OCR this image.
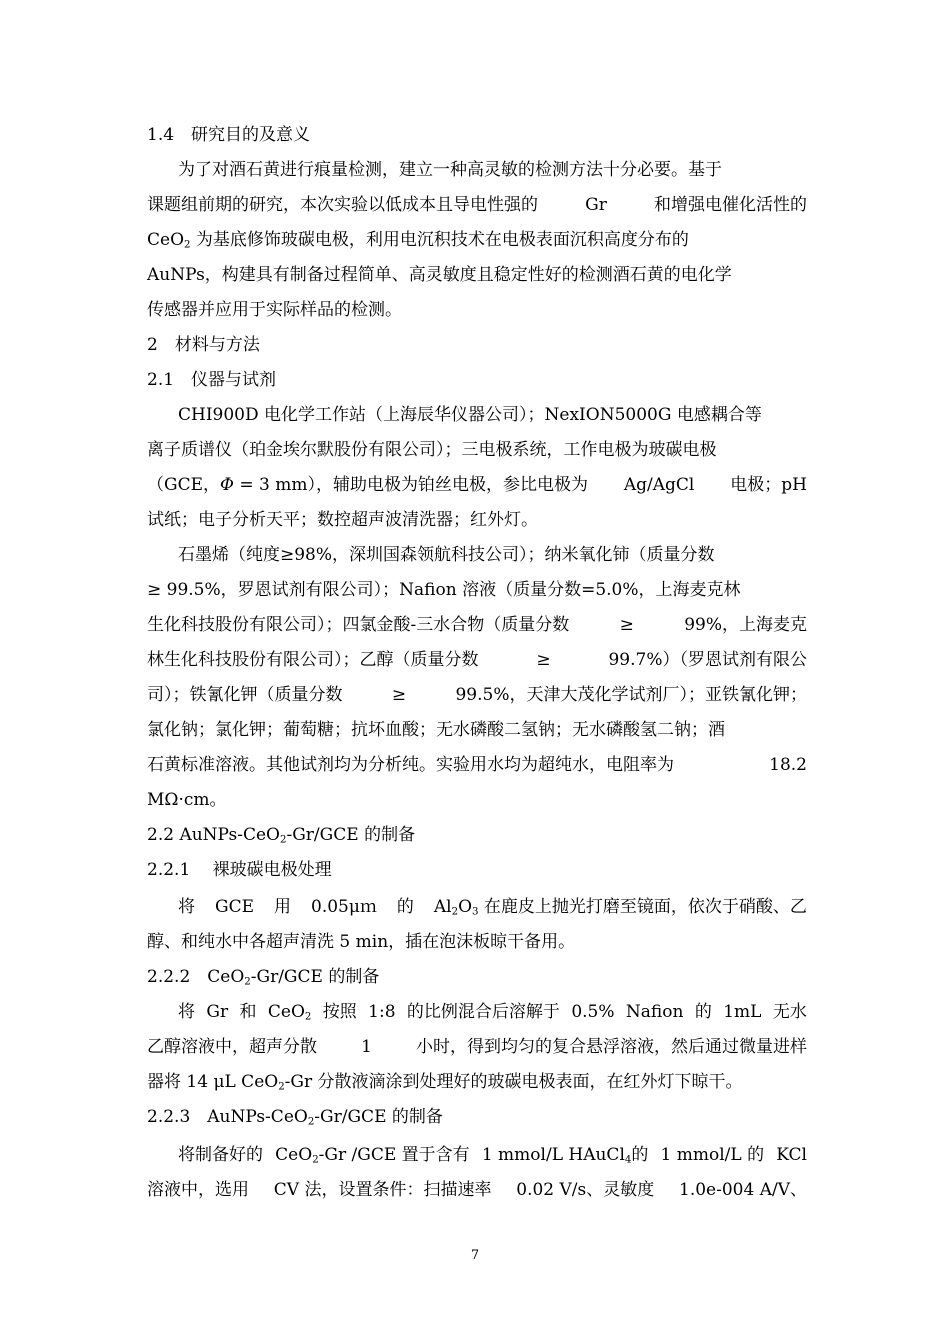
1.4　研究目的及意义
为了对酒石黄进行痕量检测，建立一种高灵敏的检测方法十分必要。基于
课题组前期的研究，本次实验以低成本且导电性强的	Gr	和增强电催化活性的
CeO$_2$ 为基底修饰玻碳电极，利用电沉积技术在电极表面沉积高度分布的
AuNPs，构建具有制备过程简单、高灵敏度且稳定性好的检测酒石黄的电化学
传感器并应用于实际样品的检测。
2　材料与方法
2.1　仪器与试剂
CHI900D 电化学工作站（上海辰华仪器公司）；NexION5000G 电感耦合等
离子质谱仪（珀金埃尔默股份有限公司）；三电极系统，工作电极为玻碳电极
（GCE，Φ = 3 mm），辅助电极为铂丝电极，参比电极为 Ag/AgCl 电极；pH
试纸；电子分析天平；数控超声波清洗器；红外灯。
石墨烯（纯度≥98%，深圳国森领航科技公司）；纳米氧化铈（质量分数
≥ 99.5%，罗恩试剂有限公司）；Nafion 溶液（质量分数=5.0%，上海麦克林
生化科技股份有限公司）；四氯金酸-三水合物（质量分数	≥	99%，上海麦克
林生化科技股份有限公司）；乙醇（质量分数	≥	99.7%）（罗恩试剂有限公
司）；铁氰化钾（质量分数	≥	99.5%，天津大茂化学试剂厂）；亚铁氰化钾；
氯化钠；氯化钾；葡萄糖；抗坏血酸；无水磷酸二氢钠；无水磷酸氢二钠；酒
石黄标准溶液。其他试剂均为分析纯。实验用水均为超纯水，电阻率为	18.2
MΩ·cm。
2.2 AuNPs-CeO$_2$-Gr/GCE 的制备
2.2.1　 裸玻碳电极处理
将 GCE 用 0.05μｍ 的 $Al_2O_3$ 在鹿皮上抛光打磨至镜面，依次于硝酸、乙
醇、和纯水中各超声清洗 5 min，插在泡沫板晾干备用。
2.2.2　CeO$_2$-Gr/GCE 的制备
将 Gr 和 CeO$_2$ 按照 1:8 的比例混合后溶解于 0.5% Nafion 的 1mL 无水
乙醇溶液中，超声分散	1	小时，得到均匀的复合悬浮溶液，然后通过微量进样
器将 14 μL CeO$_2$-Gr 分散液滴涂到处理好的玻碳电极表面，在红外灯下晾干。
2.2.3　AuNPs-CeO$_2$-Gr/GCE 的制备
将制备好的 CeO$_2$-Gr /GCE 置于含有 1 mmol/L HAuCl$_4$的 1 mmol/L 的 KCl
溶液中，选用 CV 法，设置条件：扫描速率 0.02 V/s、灵敏度 1.0e-004 A/V、
7
